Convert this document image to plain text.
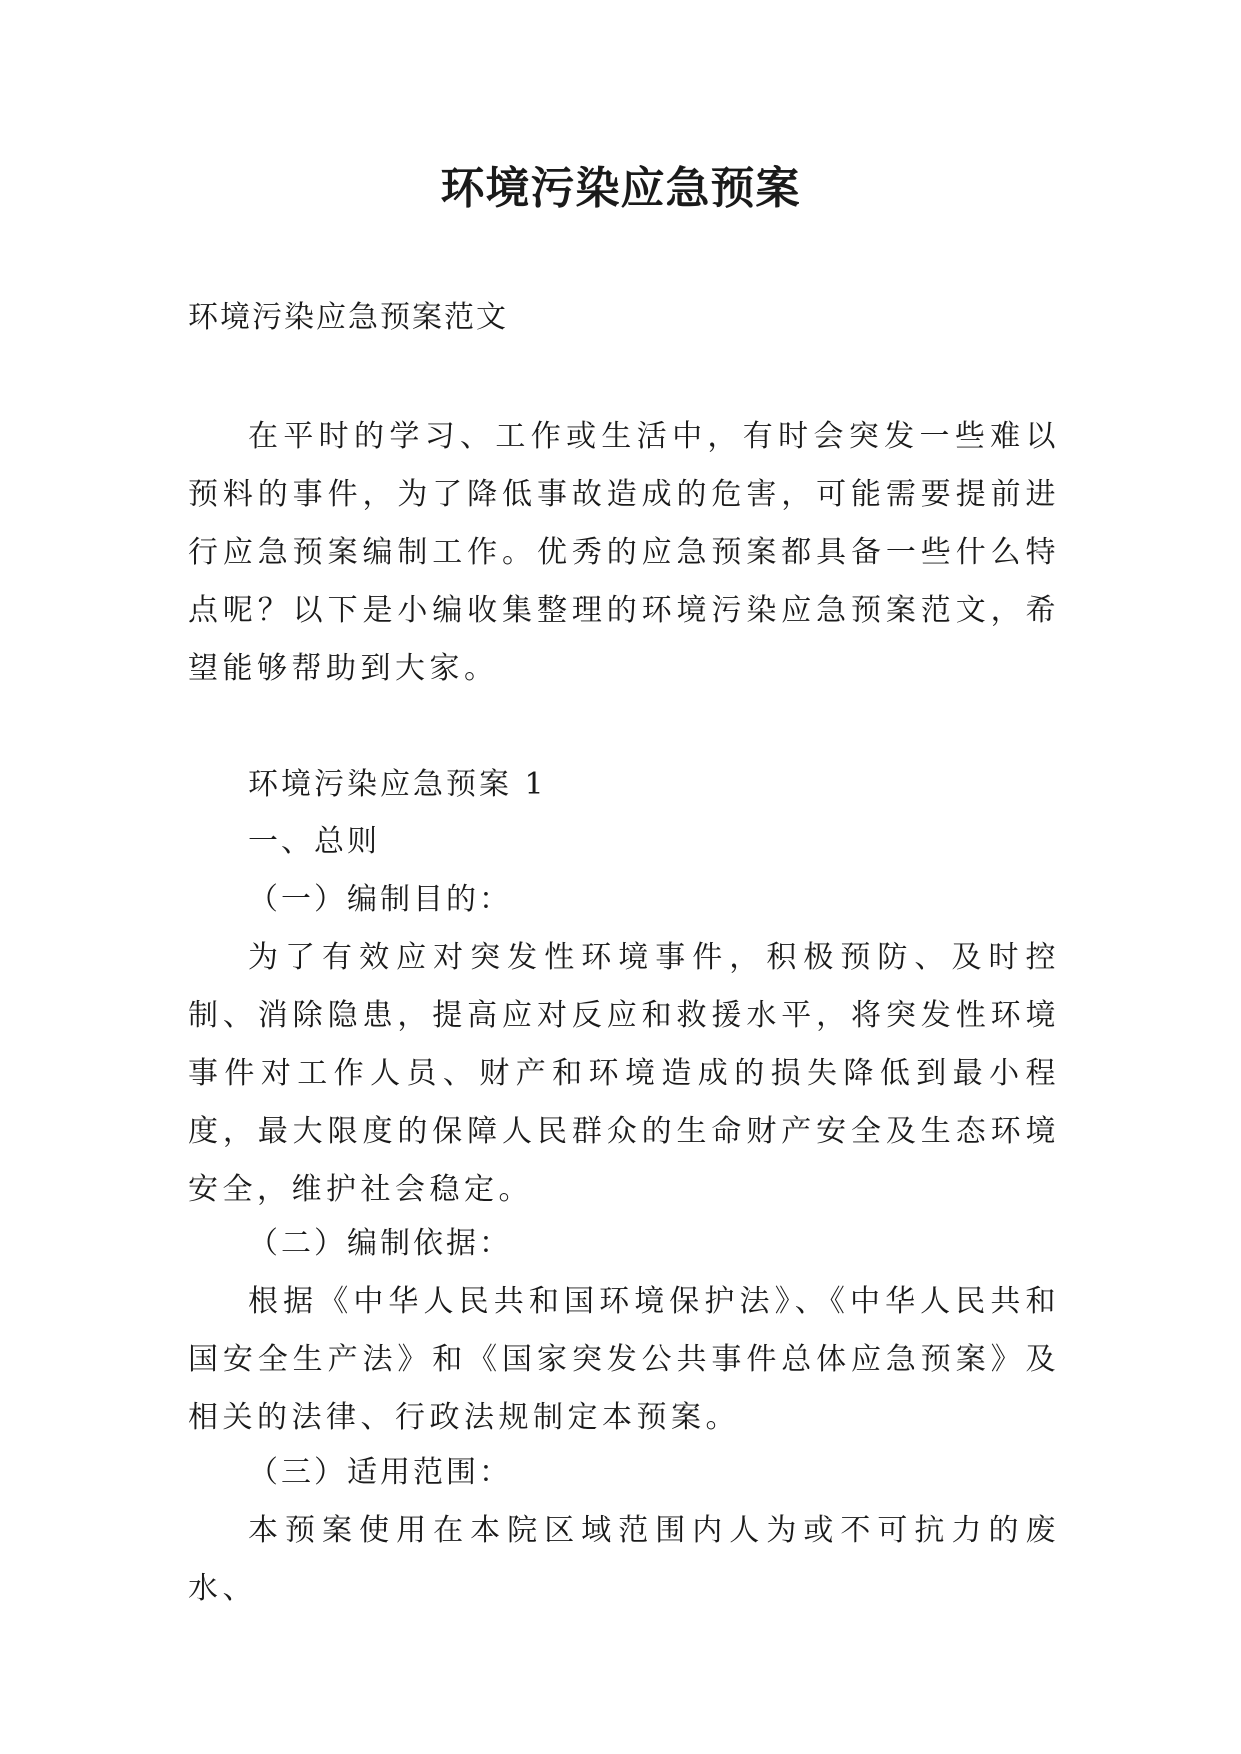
环境污染应急预案

环境污染应急预案范文

在平时的学习、工作或生活中，有时会突发一些难以预料的事件，为了降低事故造成的危害，可能需要提前进行应急预案编制工作。优秀的应急预案都具备一些什么特点呢？以下是小编收集整理的环境污染应急预案范文，希望能够帮助到大家。

环境污染应急预案 1

一、总则

（一）编制目的：

为了有效应对突发性环境事件，积极预防、及时控制、消除隐患，提高应对反应和救援水平，将突发性环境事件对工作人员、财产和环境造成的损失降低到最小程度，最大限度的保障人民群众的生命财产安全及生态环境安全，维护社会稳定。

（二）编制依据：

根据《中华人民共和国环境保护法》、《中华人民共和国安全生产法》和《国家突发公共事件总体应急预案》及相关的法律、行政法规制定本预案。

（三）适用范围：

本预案使用在本院区域范围内人为或不可抗力的废水、
